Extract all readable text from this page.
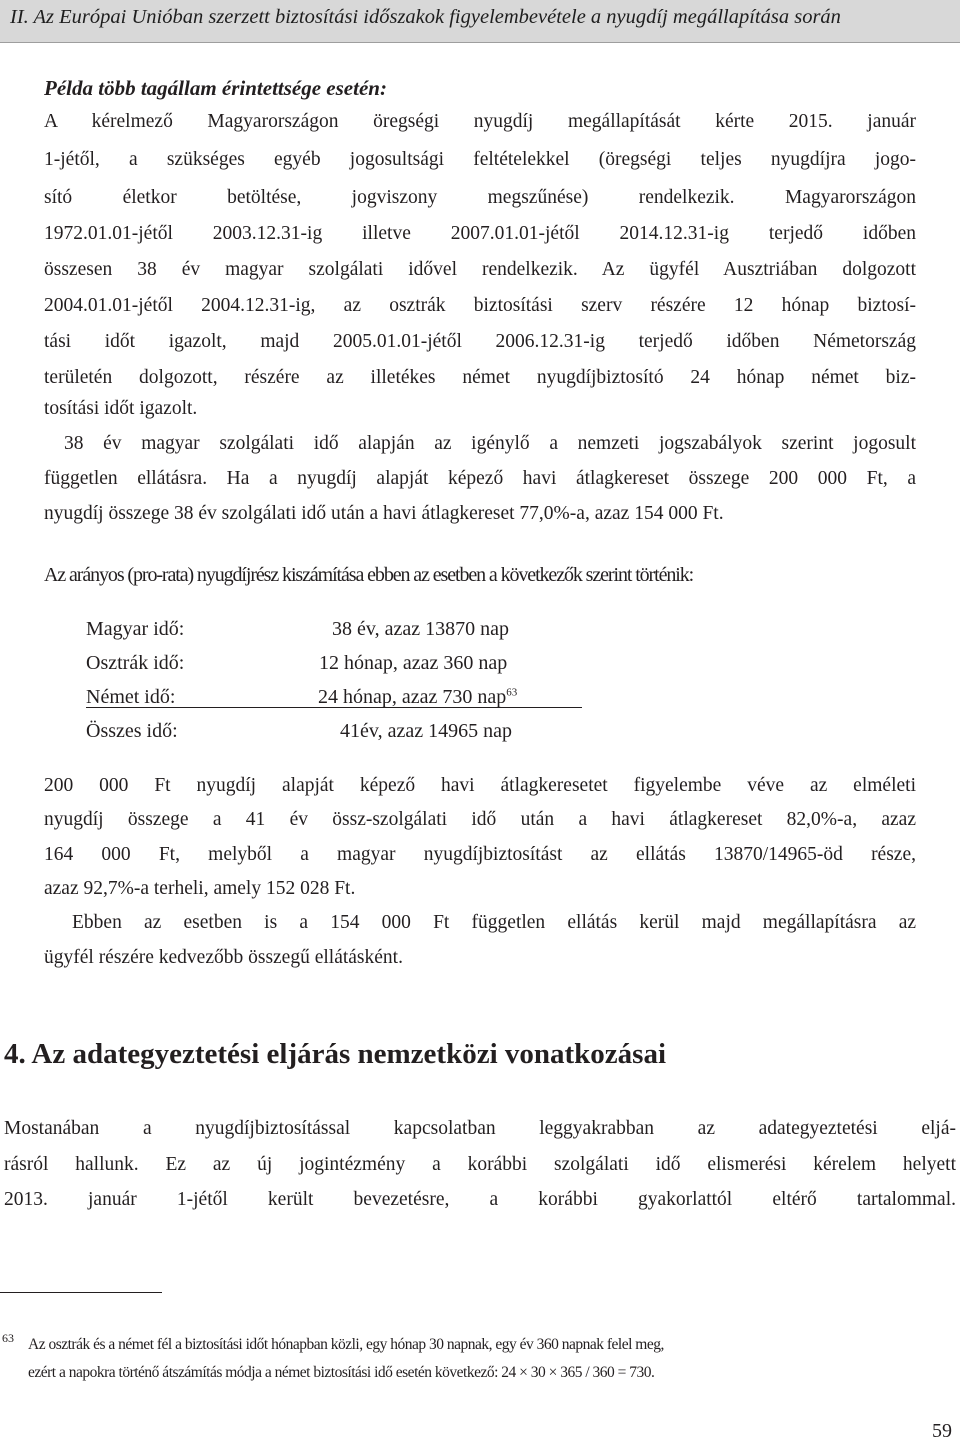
II. Az Európai Unióban szerzett biztosítási időszakok figyelembevétele a nyugdíj megállapítása során
Példa több tagállam érintettsége esetén:
A kérelmező Magyarországon öregségi nyugdíj megállapítását kérte 2015. január
1-jétől, a szükséges egyéb jogosultsági feltételekkel (öregségi teljes nyugdíjra jogo-
sító életkor betöltése, jogviszony megszűnése) rendelkezik. Magyarországon
1972.01.01-jétől 2003.12.31-ig illetve 2007.01.01-jétől 2014.12.31-ig terjedő időben
összesen 38 év magyar szolgálati idővel rendelkezik. Az ügyfél Ausztriában dolgozott
2004.01.01-jétől 2004.12.31-ig, az osztrák biztosítási szerv részére 12 hónap biztosí-
tási időt igazolt, majd 2005.01.01-jétől 2006.12.31-ig terjedő időben Németország
területén dolgozott, részére az illetékes német nyugdíjbiztosító 24 hónap német biz-
tosítási időt igazolt.
38 év magyar szolgálati idő alapján az igénylő a nemzeti jogszabályok szerint jogosult
független ellátásra. Ha a nyugdíj alapját képező havi átlagkereset összege 200 000 Ft, a
nyugdíj összege 38 év szolgálati idő után a havi átlagkereset 77,0%-a, azaz 154 000 Ft.
Az arányos (pro-rata) nyugdíjrész kiszámítása ebben az esetben a következők szerint történik:
Magyar idő:	38 év, azaz 13870 nap
Osztrák idő:	12 hónap, azaz 360 nap
Német idő:	24 hónap, azaz 730 nap$^{63}$
Összes idő:	41év, azaz 14965 nap
200 000 Ft nyugdíj alapját képező havi átlagkeresetet figyelembe véve az elméleti
nyugdíj összege a 41 év össz-szolgálati idő után a havi átlagkereset 82,0%-a, azaz
164 000 Ft, melyből a magyar nyugdíjbiztosítást az ellátás 13870/14965-öd része,
azaz 92,7%-a terheli, amely 152 028 Ft.
Ebben az esetben is a 154 000 Ft független ellátás kerül majd megállapításra az
ügyfél részére kedvezőbb összegű ellátásként.
4. Az adategyeztetési eljárás nemzetközi vonatkozásai
Mostanában a nyugdíjbiztosítással kapcsolatban leggyakrabban az adategyeztetési eljá-
rásról hallunk. Ez az új jogintézmény a korábbi szolgálati idő elismerési kérelem helyett
2013. január 1-jétől került bevezetésre, a korábbi gyakorlattól eltérő tartalommal.
63 Az osztrák és a német fél a biztosítási időt hónapban közli, egy hónap 30 napnak, egy év 360 napnak felel meg,
ezért a napokra történő átszámítás módja a német biztosítási idő esetén következő: 24 × 30 × 365 / 360 = 730.
59
